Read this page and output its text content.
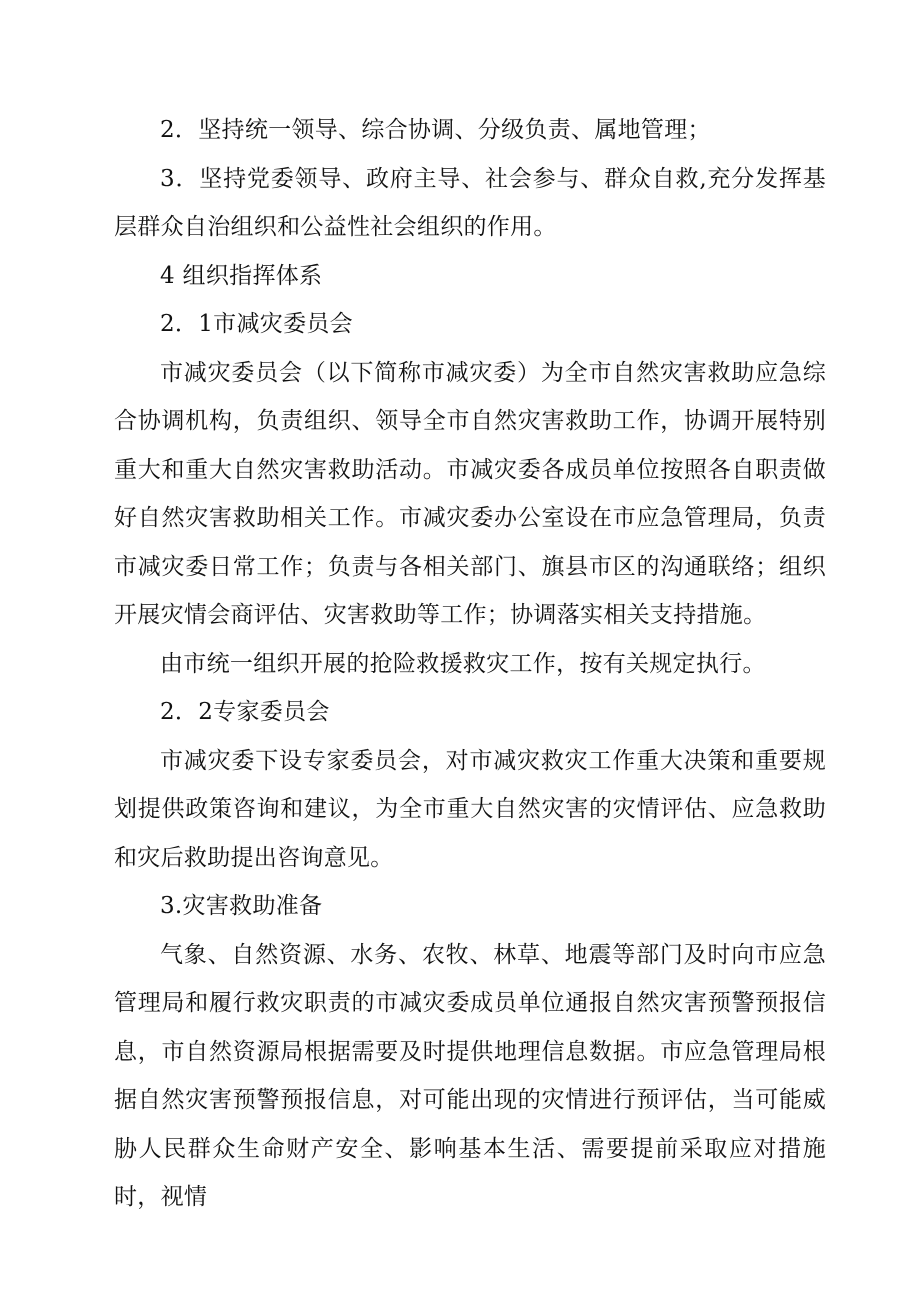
2．坚持统一领导、综合协调、分级负责、属地管理；

3．坚持党委领导、政府主导、社会参与、群众自救,充分发挥基层群众自治组织和公益性社会组织的作用。

4 组织指挥体系

2．1市减灾委员会

市减灾委员会（以下简称市减灾委）为全市自然灾害救助应急综合协调机构，负责组织、领导全市自然灾害救助工作，协调开展特别重大和重大自然灾害救助活动。市减灾委各成员单位按照各自职责做好自然灾害救助相关工作。市减灾委办公室设在市应急管理局，负责市减灾委日常工作；负责与各相关部门、旗县市区的沟通联络；组织开展灾情会商评估、灾害救助等工作；协调落实相关支持措施。

由市统一组织开展的抢险救援救灾工作，按有关规定执行。

2．2专家委员会

市减灾委下设专家委员会，对市减灾救灾工作重大决策和重要规划提供政策咨询和建议，为全市重大自然灾害的灾情评估、应急救助和灾后救助提出咨询意见。

3.灾害救助准备

气象、自然资源、水务、农牧、林草、地震等部门及时向市应急管理局和履行救灾职责的市减灾委成员单位通报自然灾害预警预报信息，市自然资源局根据需要及时提供地理信息数据。市应急管理局根据自然灾害预警预报信息，对可能出现的灾情进行预评估，当可能威胁人民群众生命财产安全、影响基本生活、需要提前采取应对措施时，视情
